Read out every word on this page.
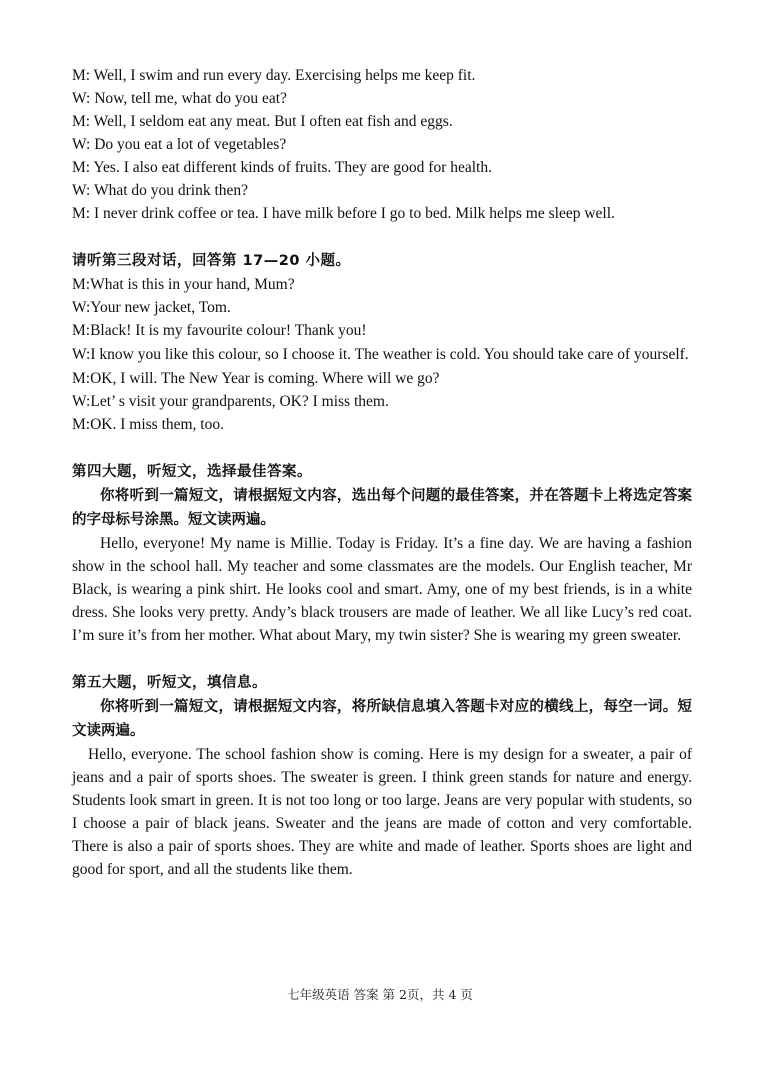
M: Well, I swim and run every day. Exercising helps me keep fit.
W: Now, tell me, what do you eat?
M: Well, I seldom eat any meat. But I often eat fish and eggs.
W: Do you eat a lot of vegetables?
M: Yes. I also eat different kinds of fruits. They are good for health.
W: What do you drink then?
M: I never drink coffee or tea. I have milk before I go to bed. Milk helps me sleep well.
请听第三段对话，回答第 17—20 小题。
M:What is this in your hand, Mum?
W:Your new jacket, Tom.
M:Black! It is my favourite colour! Thank you!
W:I know you like this colour, so I choose it. The weather is cold. You should take care of yourself.
M:OK, I will. The New Year is coming. Where will we go?
W:Let’ s visit your grandparents, OK? I miss them.
M:OK. I miss them, too.
第四大题，听短文，选择最佳答案。
你将听到一篇短文，请根据短文内容，选出每个问题的最佳答案，并在答题卡上将选定答案的字母标号涂黑。短文读两遍。
Hello, everyone! My name is Millie. Today is Friday. It’s a fine day. We are having a fashion show in the school hall. My teacher and some classmates are the models. Our English teacher, Mr Black, is wearing a pink shirt. He looks cool and smart. Amy, one of my best friends, is in a white dress. She looks very pretty. Andy’s black trousers are made of leather. We all like Lucy’s red coat. I’m sure it’s from her mother. What about Mary, my twin sister? She is wearing my green sweater.
第五大题，听短文，填信息。
你将听到一篇短文，请根据短文内容，将所缺信息填入答题卡对应的横线上，每空一词。短文读两遍。
Hello, everyone. The school fashion show is coming. Here is my design for a sweater, a pair of jeans and a pair of sports shoes. The sweater is green. I think green stands for nature and energy. Students look smart in green. It is not too long or too large. Jeans are very popular with students, so I choose a pair of black jeans. Sweater and the jeans are made of cotton and very comfortable. There is also a pair of sports shoes. They are white and made of leather. Sports shoes are light and good for sport, and all the students like them.
七年级英语 答案 第 2页，共 4 页
